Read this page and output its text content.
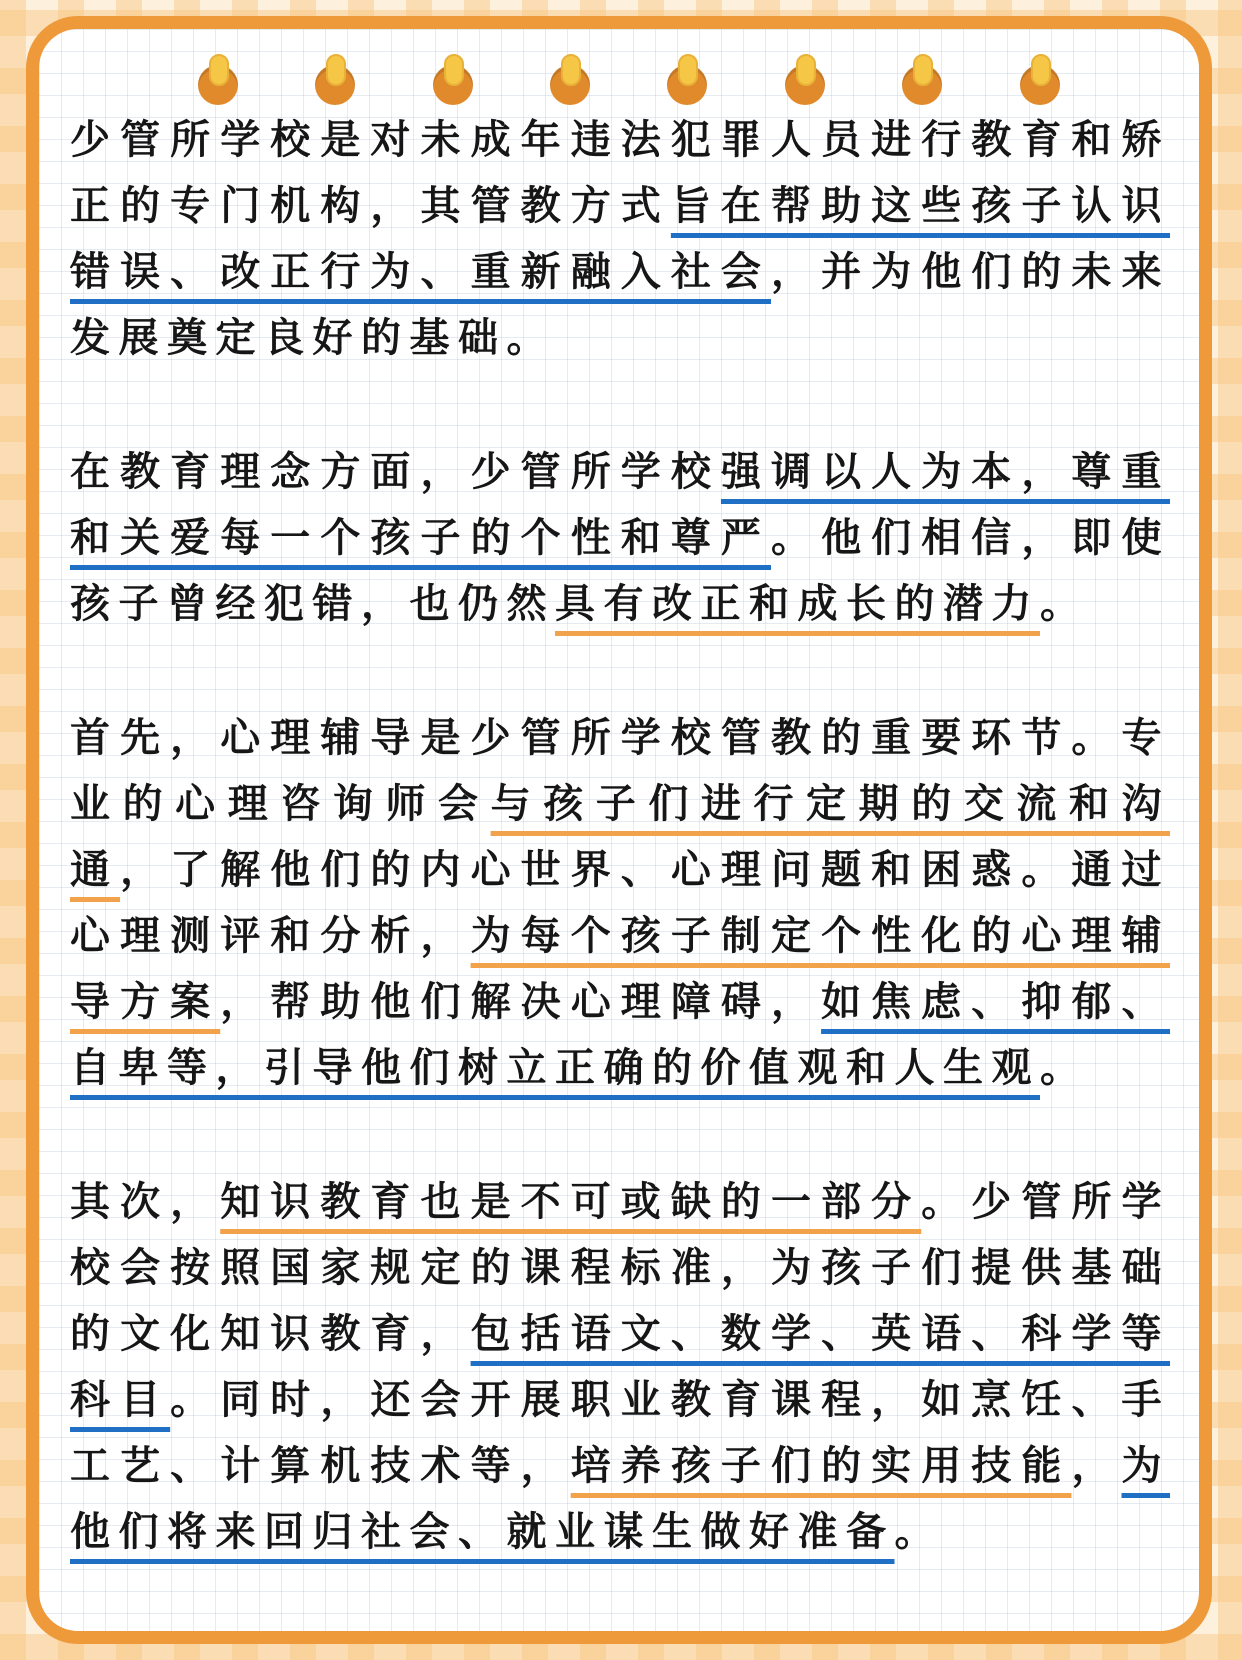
少管所学校是对未成年违法犯罪人员进行教育和矫正的专门机构，其管教方式旨在帮助这些孩子认识错误、改正行为、重新融入社会，并为他们的未来发展奠定良好的基础。

在教育理念方面，少管所学校强调以人为本，尊重和关爱每一个孩子的个性和尊严。他们相信，即使孩子曾经犯错，也仍然具有改正和成长的潜力。

首先，心理辅导是少管所学校管教的重要环节。专业的心理咨询师会与孩子们进行定期的交流和沟通，了解他们的内心世界、心理问题和困惑。通过心理测评和分析，为每个孩子制定个性化的心理辅导方案，帮助他们解决心理障碍，如焦虑、抑郁、自卑等，引导他们树立正确的价值观和人生观。

其次，知识教育也是不可或缺的一部分。少管所学校会按照国家规定的课程标准，为孩子们提供基础的文化知识教育，包括语文、数学、英语、科学等科目。同时，还会开展职业教育课程，如烹饪、手工艺、计算机技术等，培养孩子们的实用技能，为他们将来回归社会、就业谋生做好准备。
